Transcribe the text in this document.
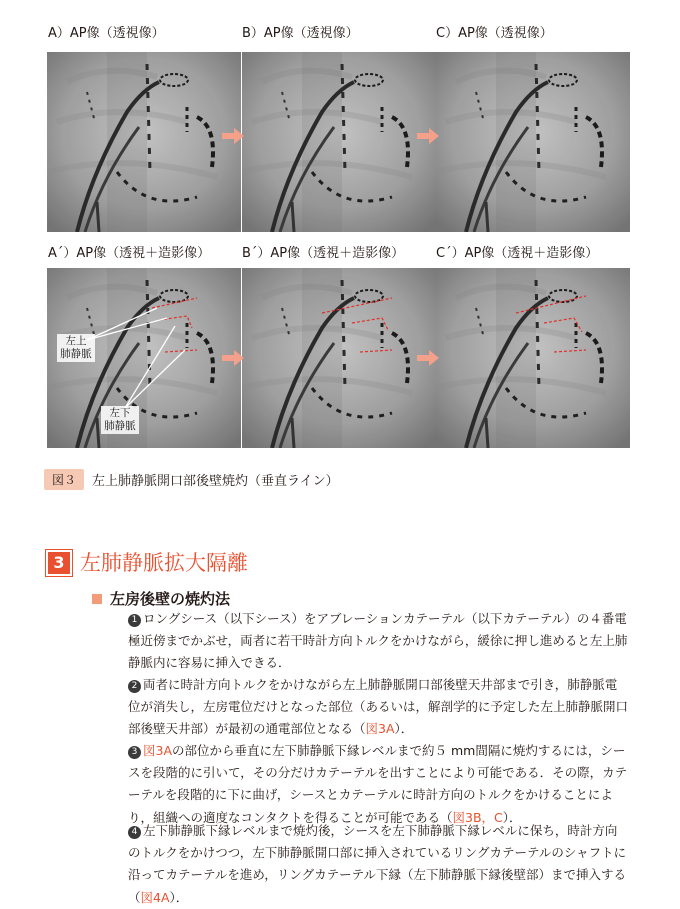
A）AP像（透視像）	B）AP像（透視像）	C）AP像（透視像）
A´）AP像（透視＋造影像）
左上
肺静脈
左下
肺静脈
B´）AP像（透視＋造影像） C´）AP像（透視＋造影像）
図３	左上肺静脈開口部後壁焼灼（垂直ライン）
3 左肺静脈拡大隔離
左房後壁の焼灼法
1 ロングシース（以下シース）をアブレーションカテーテル（以下カテーテル）の４番電極近傍までかぶせ，両者に若干時計方向トルクをかけながら，緩徐に押し進めると左上肺静脈内に容易に挿入できる．
2 両者に時計方向トルクをかけながら左上肺静脈開口部後壁天井部まで引き，肺静脈電位が消失し，左房電位だけとなった部位（あるいは，解剖学的に予定した左上肺静脈開口部後壁天井部）が最初の通電部位となる（図3A）．
3 図3Aの部位から垂直に左下肺静脈下縁レベルまで約５ mm間隔に焼灼するには，シースを段階的に引いて，その分だけカテーテルを出すことにより可能である．その際，カテーテルを段階的に下に曲げ，シースとカテーテルに時計方向のトルクをかけることにより，組織への適度なコンタクトを得ることが可能である（図3B，C）．
4 左下肺静脈下縁レベルまで焼灼後，シースを左下肺静脈下縁レベルに保ち，時計方向のトルクをかけつつ，左下肺静脈開口部に挿入されているリングカテーテルのシャフトに沿ってカテーテルを進め，リングカテーテル下縁（左下肺静脈下縁後壁部）まで挿入する（図4A）．
